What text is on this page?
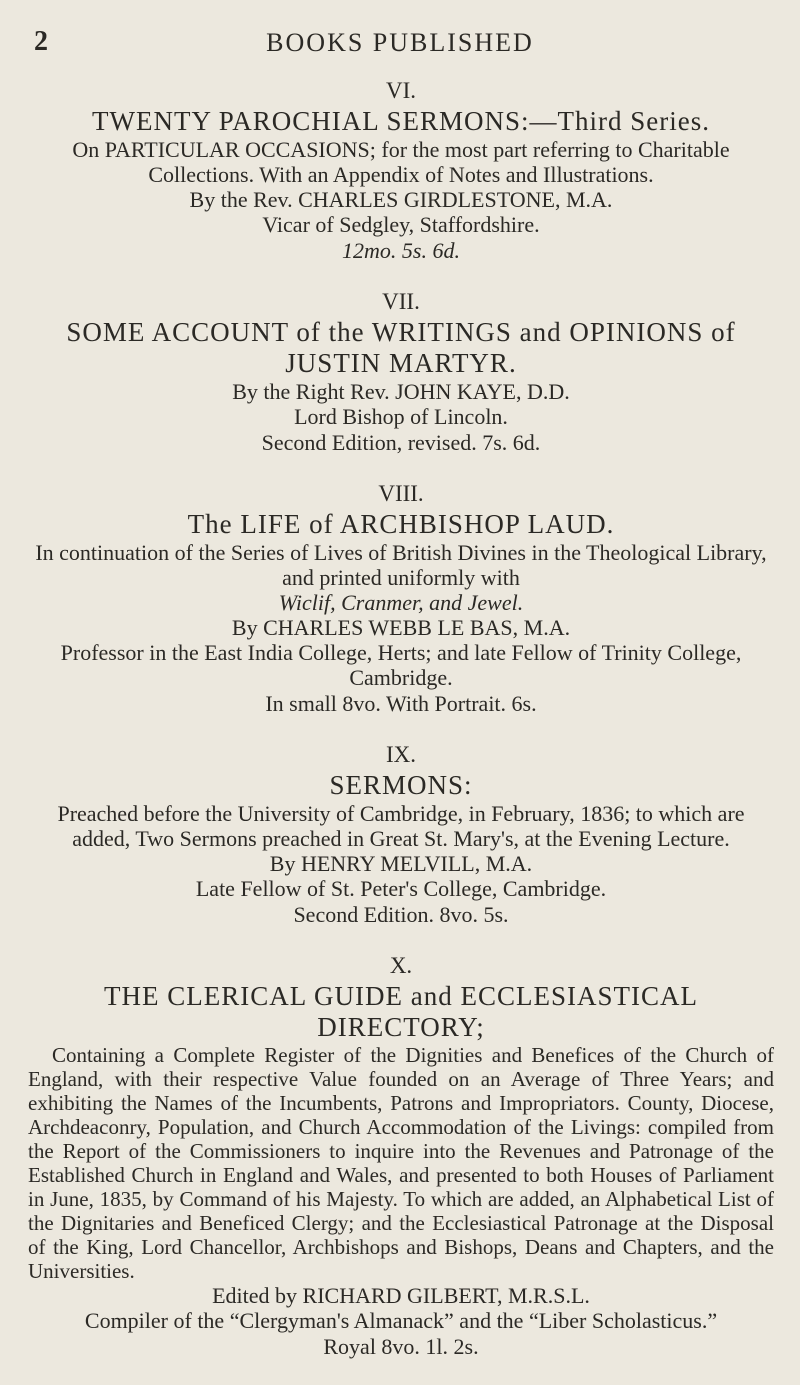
2	BOOKS PUBLISHED
VI.
TWENTY PAROCHIAL SERMONS:—Third Series.
On PARTICULAR OCCASIONS; for the most part referring to Charitable Collections. With an Appendix of Notes and Illustrations.
By the Rev. CHARLES GIRDLESTONE, M.A.
Vicar of Sedgley, Staffordshire.
12mo. 5s. 6d.
VII.
SOME ACCOUNT of the WRITINGS and OPINIONS of JUSTIN MARTYR.
By the Right Rev. JOHN KAYE, D.D.
Lord Bishop of Lincoln.
Second Edition, revised. 7s. 6d.
VIII.
The LIFE of ARCHBISHOP LAUD.
In continuation of the Series of Lives of British Divines in the Theological Library, and printed uniformly with
Wiclif, Cranmer, and Jewel.
By CHARLES WEBB LE BAS, M.A.
Professor in the East India College, Herts; and late Fellow of Trinity College, Cambridge.
In small 8vo. With Portrait. 6s.
IX.
SERMONS:
Preached before the University of Cambridge, in February, 1836; to which are added, Two Sermons preached in Great St. Mary's, at the Evening Lecture.
By HENRY MELVILL, M.A.
Late Fellow of St. Peter's College, Cambridge.
Second Edition. 8vo. 5s.
X.
THE CLERICAL GUIDE and ECCLESIASTICAL DIRECTORY;
Containing a Complete Register of the Dignities and Benefices of the Church of England, with their respective Value founded on an Average of Three Years; and exhibiting the Names of the Incumbents, Patrons and Impropriators. County, Diocese, Archdeaconry, Population, and Church Accommodation of the Livings: compiled from the Report of the Commissioners to inquire into the Revenues and Patronage of the Established Church in England and Wales, and presented to both Houses of Parliament in June, 1835, by Command of his Majesty. To which are added, an Alphabetical List of the Dignitaries and Beneficed Clergy; and the Ecclesiastical Patronage at the Disposal of the King, Lord Chancellor, Archbishops and Bishops, Deans and Chapters, and the Universities.
Edited by RICHARD GILBERT, M.R.S.L.
Compiler of the “Clergyman's Almanack” and the “Liber Scholasticus.”
Royal 8vo. 1l. 2s.
